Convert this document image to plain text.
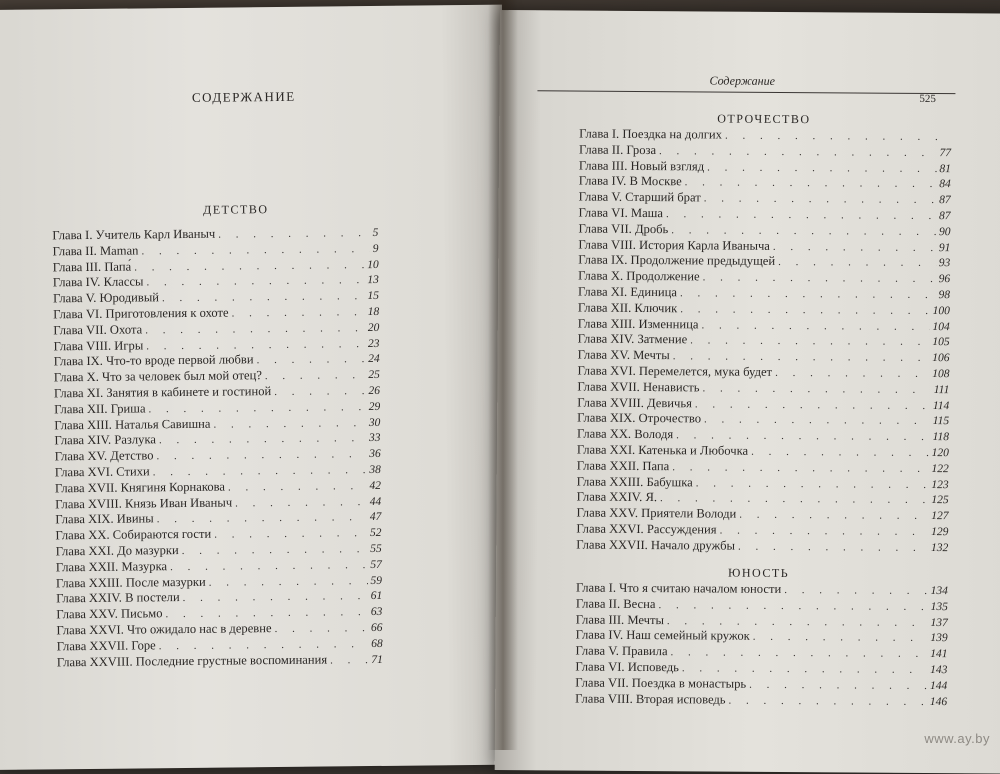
СОДЕРЖАНИЕ
ДЕТСТВО
Глава I. Учитель Карл Иваныч . . .	5
Глава II. Maman . . .	9
Глава III. Папа́ . . .	10
Глава IV. Классы . . .	13
Глава V. Юродивый . . .	15
Глава VI. Приготовления к охоте . . .	18
Глава VII. Охота . . .	20
Глава VIII. Игры . . .	23
Глава IX. Что-то вроде первой любви . . .	24
Глава X. Что за человек был мой отец? . . .	25
Глава XI. Занятия в кабинете и гостиной . . .	26
Глава XII. Гриша . . .	29
Глава XIII. Наталья Савишна . . .	30
Глава XIV. Разлука . . .	33
Глава XV. Детство . . .	36
Глава XVI. Стихи . . .	38
Глава XVII. Княгиня Корнакова . . .	42
Глава XVIII. Князь Иван Иваныч . . .	44
Глава XIX. Ивины . . .	47
Глава XX. Собираются гости . . .	52
Глава XXI. До мазурки . . .	55
Глава XXII. Мазурка . . .	57
Глава XXIII. После мазурки . . .	59
Глава XXIV. В постели . . .	61
Глава XXV. Письмо . . .	63
Глава XXVI. Что ожидало нас в деревне . . .	66
Глава XXVII. Горе . . .	68
Глава XXVIII. Последние грустные воспоминания . . .	71
Содержание
525
ОТРОЧЕСТВО
Глава I. Поездка на долгих
. . .
Глава II. Гроза . . .	77
Глава III. Новый взгляд . . .	81
Глава IV. В Москве . . .	84
Глава V. Старший брат . . .	87
Глава VI. Маша . . .	87
Глава VII. Дробь . . .	90
Глава VIII. История Карла Иваныча . . .	91
Глава IX. Продолжение предыдущей . . .	93
Глава X. Продолжение . . .	96
Глава XI. Единица . . .	98
Глава XII. Ключик . . .	100
Глава XIII. Изменница . . .	104
Глава XIV. Затмение . . .	105
Глава XV. Мечты . . .	106
Глава XVI. Перемелется, мука будет . . .	108
Глава XVII. Ненависть . . .	111
Глава XVIII. Девичья . . .	114
Глава XIX. Отрочество . . .	115
Глава XX. Володя . . .	118
Глава XXI. Катенька и Любочка . . .	120
Глава XXII. Папа . . .	122
Глава XXIII. Бабушка . . .	123
Глава XXIV. Я. . . .	125
Глава XXV. Приятели Володи . . .	127
Глава XXVI. Рассуждения . . .	129
Глава XXVII. Начало дружбы . . .	132
ЮНОСТЬ
Глава I. Что я считаю началом юности . . .	134
Глава II. Весна . . .	135
Глава III. Мечты . . .	137
Глава IV. Наш семейный кружок . . .	139
Глава V. Правила . . .	141
Глава VI. Исповедь . . .	143
Глава VII. Поездка в монастырь . . .	144
Глава VIII. Вторая исповедь . . .	146
www.ay.by
